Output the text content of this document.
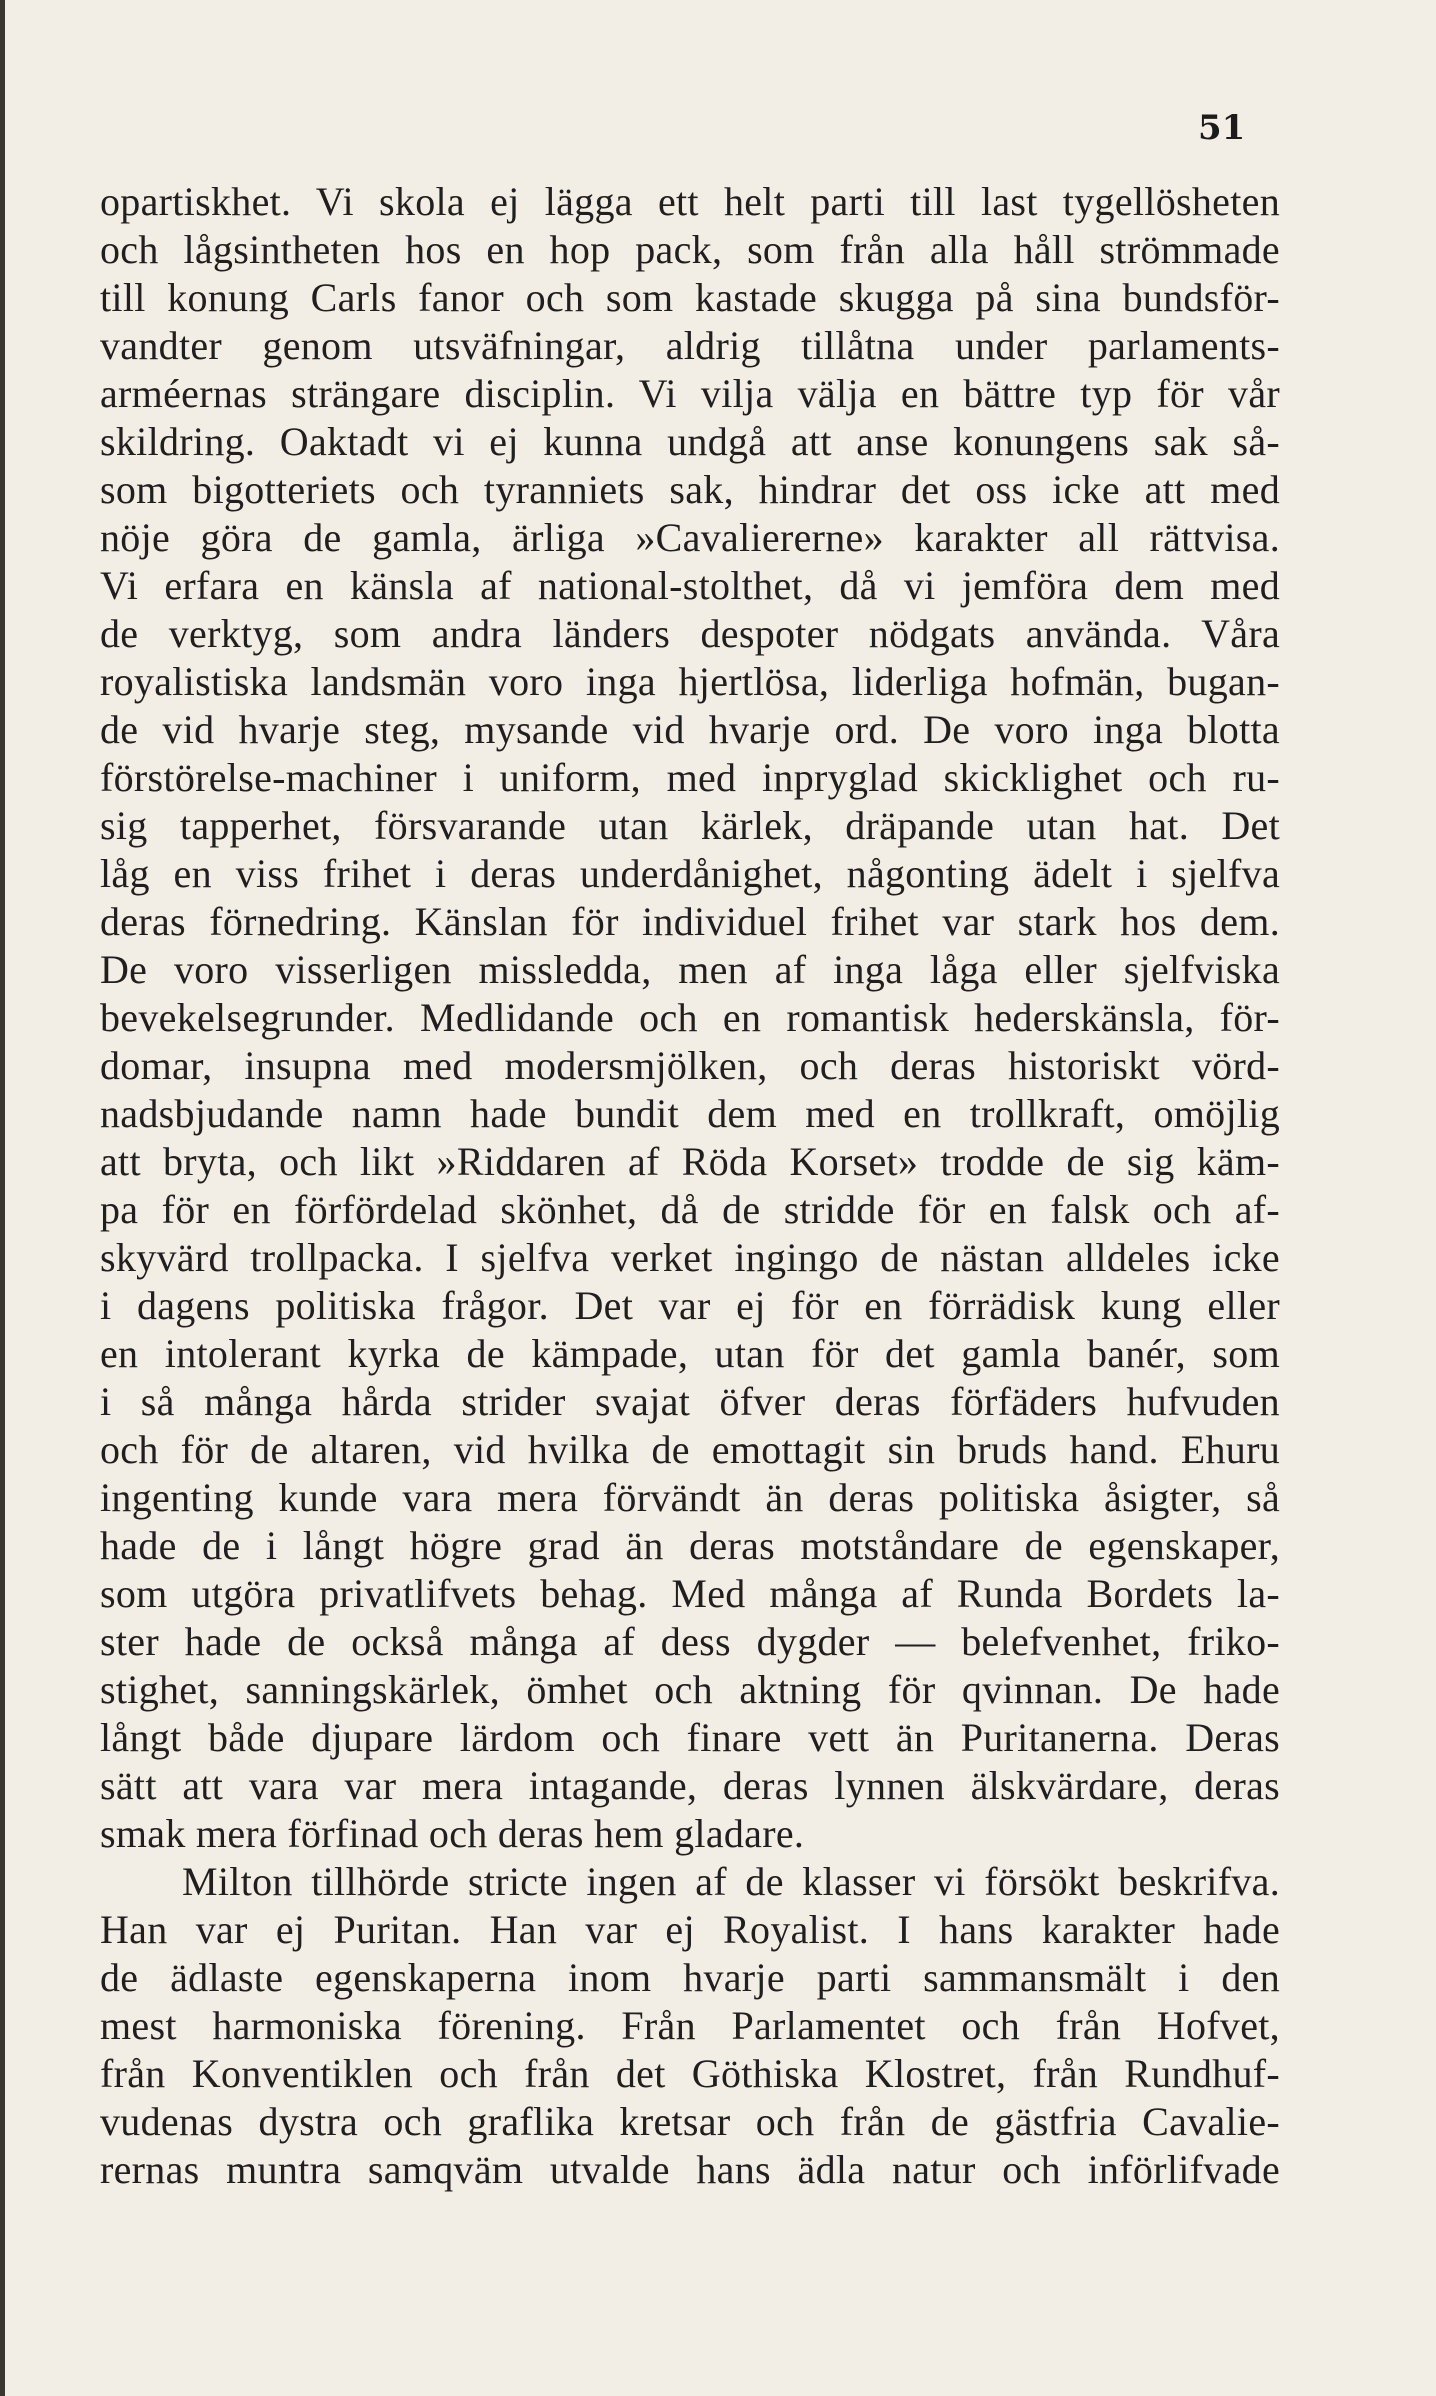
51
opartiskhet. Vi skola ej lägga ett helt parti till last tygellösheten
och lågsintheten hos en hop pack, som från alla håll strömmade
till konung Carls fanor och som kastade skugga på sina bundsför-
vandter genom utsväfningar, aldrig tillåtna under parlaments-
arméernas strängare disciplin. Vi vilja välja en bättre typ för vår
skildring. Oaktadt vi ej kunna undgå att anse konungens sak så-
som bigotteriets och tyranniets sak, hindrar det oss icke att med
nöje göra de gamla, ärliga »Cavaliererne» karakter all rättvisa.
Vi erfara en känsla af national-stolthet, då vi jemföra dem med
de verktyg, som andra länders despoter nödgats använda. Våra
royalistiska landsmän voro inga hjertlösa, liderliga hofmän, bugan-
de vid hvarje steg, mysande vid hvarje ord. De voro inga blotta
förstörelse-machiner i uniform, med inpryglad skicklighet och ru-
sig tapperhet, försvarande utan kärlek, dräpande utan hat. Det
låg en viss frihet i deras underdånighet, någonting ädelt i sjelfva
deras förnedring. Känslan för individuel frihet var stark hos dem.
De voro visserligen missledda, men af inga låga eller sjelfviska
bevekelsegrunder. Medlidande och en romantisk hederskänsla, för-
domar, insupna med modersmjölken, och deras historiskt vörd-
nadsbjudande namn hade bundit dem med en trollkraft, omöjlig
att bryta, och likt »Riddaren af Röda Korset» trodde de sig käm-
pa för en förfördelad skönhet, då de stridde för en falsk och af-
skyvärd trollpacka. I sjelfva verket ingingo de nästan alldeles icke
i dagens politiska frågor. Det var ej för en förrädisk kung eller
en intolerant kyrka de kämpade, utan för det gamla banér, som
i så många hårda strider svajat öfver deras förfäders hufvuden
och för de altaren, vid hvilka de emottagit sin bruds hand. Ehuru
ingenting kunde vara mera förvändt än deras politiska åsigter, så
hade de i långt högre grad än deras motståndare de egenskaper,
som utgöra privatlifvets behag. Med många af Runda Bordets la-
ster hade de också många af dess dygder — belefvenhet, friko-
stighet, sanningskärlek, ömhet och aktning för qvinnan. De hade
långt både djupare lärdom och finare vett än Puritanerna. Deras
sätt att vara var mera intagande, deras lynnen älskvärdare, deras
smak mera förfinad och deras hem gladare.
Milton tillhörde stricte ingen af de klasser vi försökt beskrifva.
Han var ej Puritan. Han var ej Royalist. I hans karakter hade
de ädlaste egenskaperna inom hvarje parti sammansmält i den
mest harmoniska förening. Från Parlamentet och från Hofvet,
från Konventiklen och från det Göthiska Klostret, från Rundhuf-
vudenas dystra och graflika kretsar och från de gästfria Cavalie-
rernas muntra samqväm utvalde hans ädla natur och införlifvade
